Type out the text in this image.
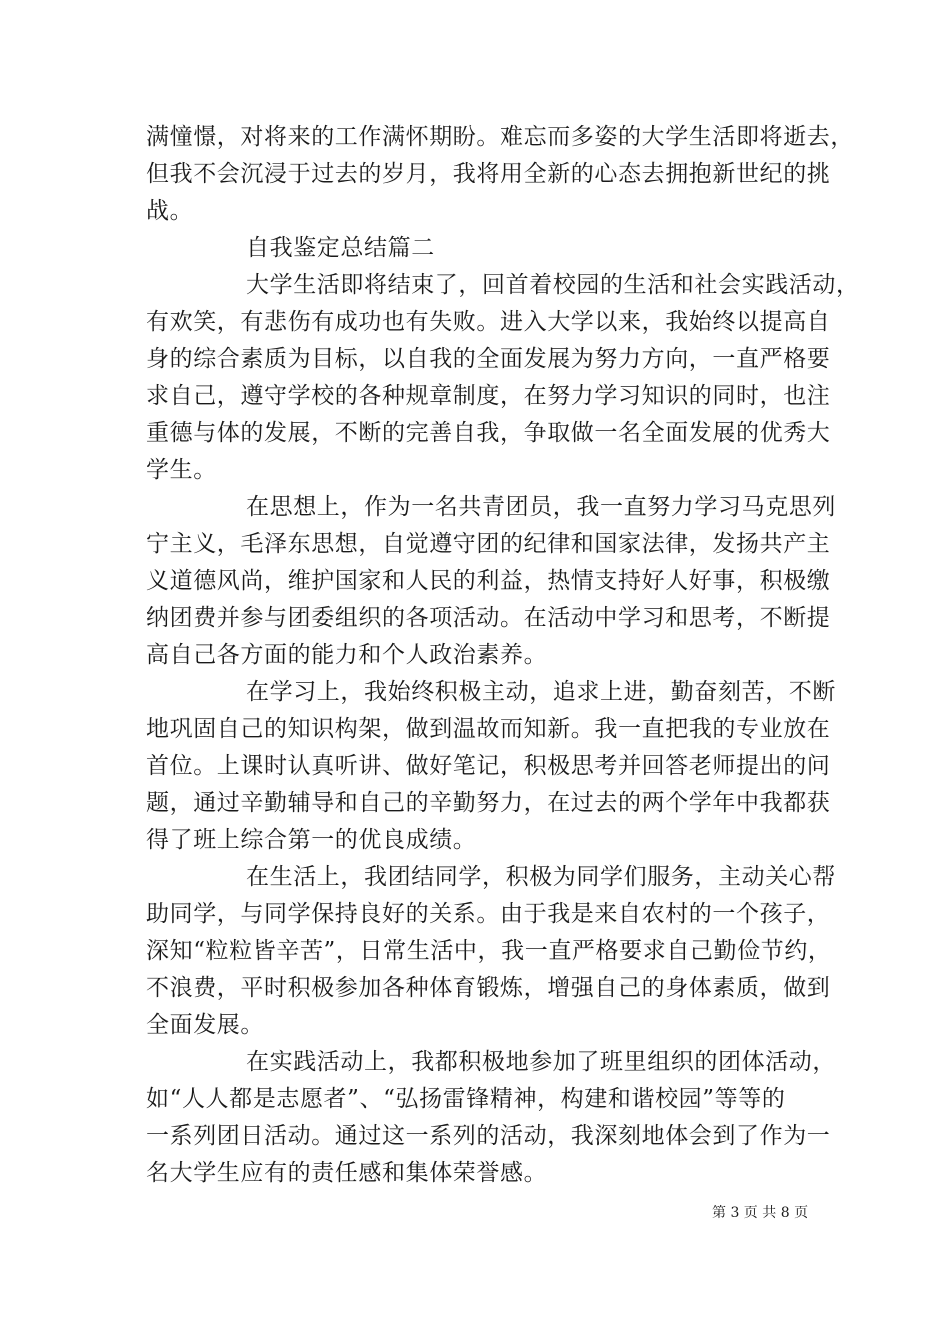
满憧憬，对将来的工作满怀期盼。难忘而多姿的大学生活即将逝去，
但我不会沉浸于过去的岁月，我将用全新的心态去拥抱新世纪的挑
战。
自我鉴定总结篇二
大学生活即将结束了，回首着校园的生活和社会实践活动，
有欢笑，有悲伤有成功也有失败。进入大学以来，我始终以提高自
身的综合素质为目标，以自我的全面发展为努力方向，一直严格要
求自己，遵守学校的各种规章制度，在努力学习知识的同时，也注
重德与体的发展，不断的完善自我，争取做一名全面发展的优秀大
学生。
在思想上，作为一名共青团员，我一直努力学习马克思列
宁主义，毛泽东思想，自觉遵守团的纪律和国家法律，发扬共产主
义道德风尚，维护国家和人民的利益，热情支持好人好事，积极缴
纳团费并参与团委组织的各项活动。在活动中学习和思考，不断提
高自己各方面的能力和个人政治素养。
在学习上，我始终积极主动，追求上进，勤奋刻苦，不断
地巩固自己的知识构架，做到温故而知新。我一直把我的专业放在
首位。上课时认真听讲、做好笔记，积极思考并回答老师提出的问
题，通过辛勤辅导和自己的辛勤努力，在过去的两个学年中我都获
得了班上综合第一的优良成绩。
在生活上，我团结同学，积极为同学们服务，主动关心帮
助同学，与同学保持良好的关系。由于我是来自农村的一个孩子，
深知“粒粒皆辛苦”，日常生活中，我一直严格要求自己勤俭节约，
不浪费，平时积极参加各种体育锻炼，增强自己的身体素质，做到
全面发展。
在实践活动上，我都积极地参加了班里组织的团体活动，
如“人人都是志愿者”、“弘扬雷锋精神，构建和谐校园”等等的
一系列团日活动。通过这一系列的活动，我深刻地体会到了作为一
名大学生应有的责任感和集体荣誉感。
第 3 页 共 8 页
